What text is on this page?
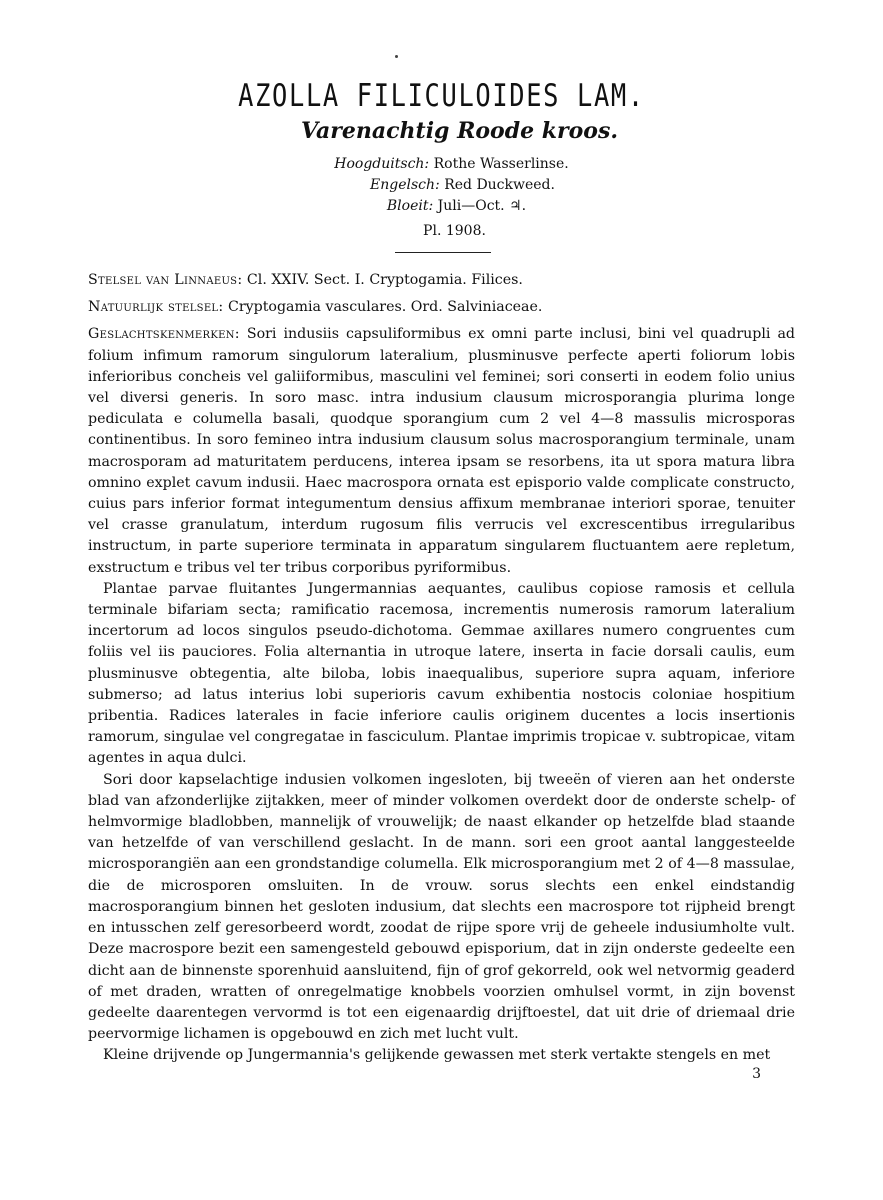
AZOLLA FILICULOIDES LAM.
Varenachtig Roode kroos.
Hoogduitsch: Rothe Wasserlinse.
Engelsch: Red Duckweed.
Bloeit: Juli—Oct. ♃.
Pl. 1908.

Stelsel van Linnaeus: Cl. XXIV. Sect. I. Cryptogamia. Filices.

Natuurlijk stelsel: Cryptogamia vasculares. Ord. Salviniaceae.

Geslachtskenmerken: Sori indusiis capsuliformibus ex omni parte inclusi, bini vel quadrupli ad folium infimum ramorum singulorum lateralium, plusminusve perfecte aperti foliorum lobis inferioribus concheis vel galiiformibus, masculini vel feminei; sori conserti in eodem folio unius vel diversi generis. In soro masc. intra indusium clausum microsporangia plurima longe pediculata e columella basali, quodque sporangium cum 2 vel 4—8 massulis microsporas continentibus. In soro femineo intra indusium clausum solus macrosporangium terminale, unam macrosporam ad maturitatem perducens, interea ipsam se resorbens, ita ut spora matura libra omnino explet cavum indusii. Haec macrospora ornata est episporio valde complicate constructo, cuius pars inferior format integumentum densius affixum membranae interiori sporae, tenuiter vel crasse granulatum, interdum rugosum filis verrucis vel excrescentibus irregularibus instructum, in parte superiore terminata in apparatum singularem fluctuantem aere repletum, exstructum e tribus vel ter tribus corporibus pyriformibus.

Plantae parvae fluitantes Jungermannias aequantes, caulibus copiose ramosis et cellula terminale bifariam secta; ramificatio racemosa, incrementis numerosis ramorum lateralium incertorum ad locos singulos pseudo-dichotoma. Gemmae axillares numero congruentes cum foliis vel iis pauciores. Folia alternantia in utroque latere, inserta in facie dorsali caulis, eum plusminusve obtegentia, alte biloba, lobis inaequalibus, superiore supra aquam, inferiore submerso; ad latus interius lobi superioris cavum exhibentia nostocis coloniae hospitium pribentia. Radices laterales in facie inferiore caulis originem ducentes a locis insertionis ramorum, singulae vel congregatae in fasciculum. Plantae imprimis tropicae v. subtropicae, vitam agentes in aqua dulci.

Sori door kapselachtige indusien volkomen ingesloten, bij tweeën of vieren aan het onderste blad van afzonderlijke zijtakken, meer of minder volkomen overdekt door de onderste schelp- of helmvormige bladlobben, mannelijk of vrouwelijk; de naast elkander op hetzelfde blad staande van hetzelfde of van verschillend geslacht. In de mann. sori een groot aantal langgesteelde microsporangiën aan een grondstandige columella. Elk microsporangium met 2 of 4—8 massulae, die de microsporen omsluiten. In de vrouw. sorus slechts een enkel eindstandig macrosporangium binnen het gesloten indusium, dat slechts een macrospore tot rijpheid brengt en intusschen zelf geresorbeerd wordt, zoodat de rijpe spore vrij de geheele indusiumholte vult. Deze macrospore bezit een samengesteld gebouwd episporium, dat in zijn onderste gedeelte een dicht aan de binnenste sporenhuid aansluitend, fijn of grof gekorreld, ook wel netvormig geaderd of met draden, wratten of onregelmatige knobbels voorzien omhulsel vormt, in zijn bovenst gedeelte daarentegen vervormd is tot een eigenaardig drijftoestel, dat uit drie of driemaal drie peervormige lichamen is opgebouwd en zich met lucht vult.

Kleine drijvende op Jungermannia's gelijkende gewassen met sterk vertakte stengels en met

3
